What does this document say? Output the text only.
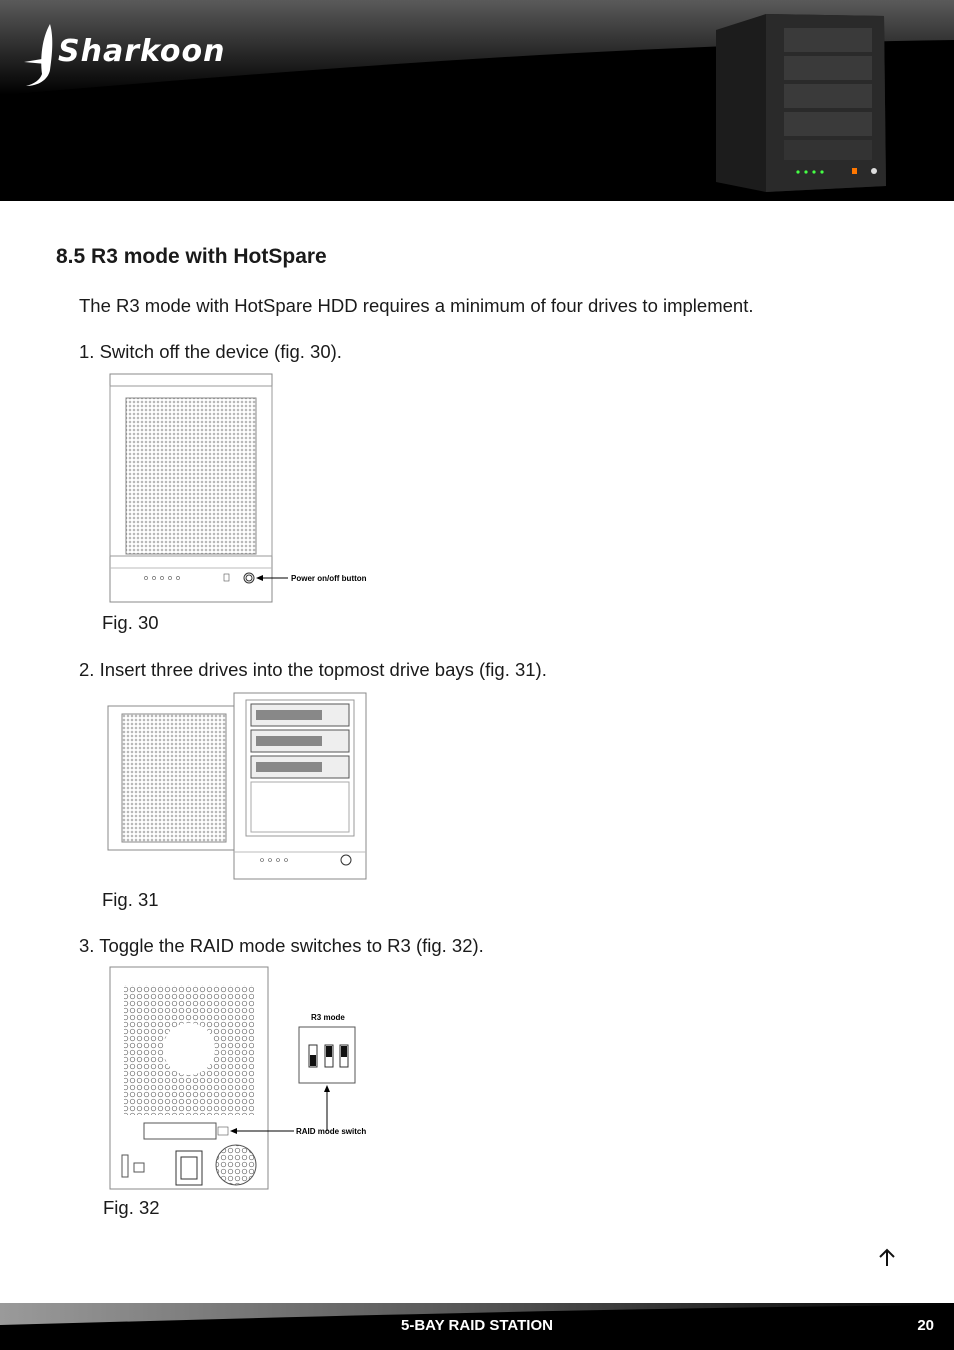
Sharkoon
8.5 R3 mode with HotSpare

The R3 mode with HotSpare HDD requires a minimum of four drives to implement.

1. Switch off the device (fig. 30).

Power on/off button

Fig. 30

2. Insert three drives into the topmost drive bays (fig. 31).

Fig. 31

3. Toggle the RAID mode switches to R3 (fig. 32).

RAID mode switch
R3 mode

Fig. 32

5-BAY RAID STATION	20
